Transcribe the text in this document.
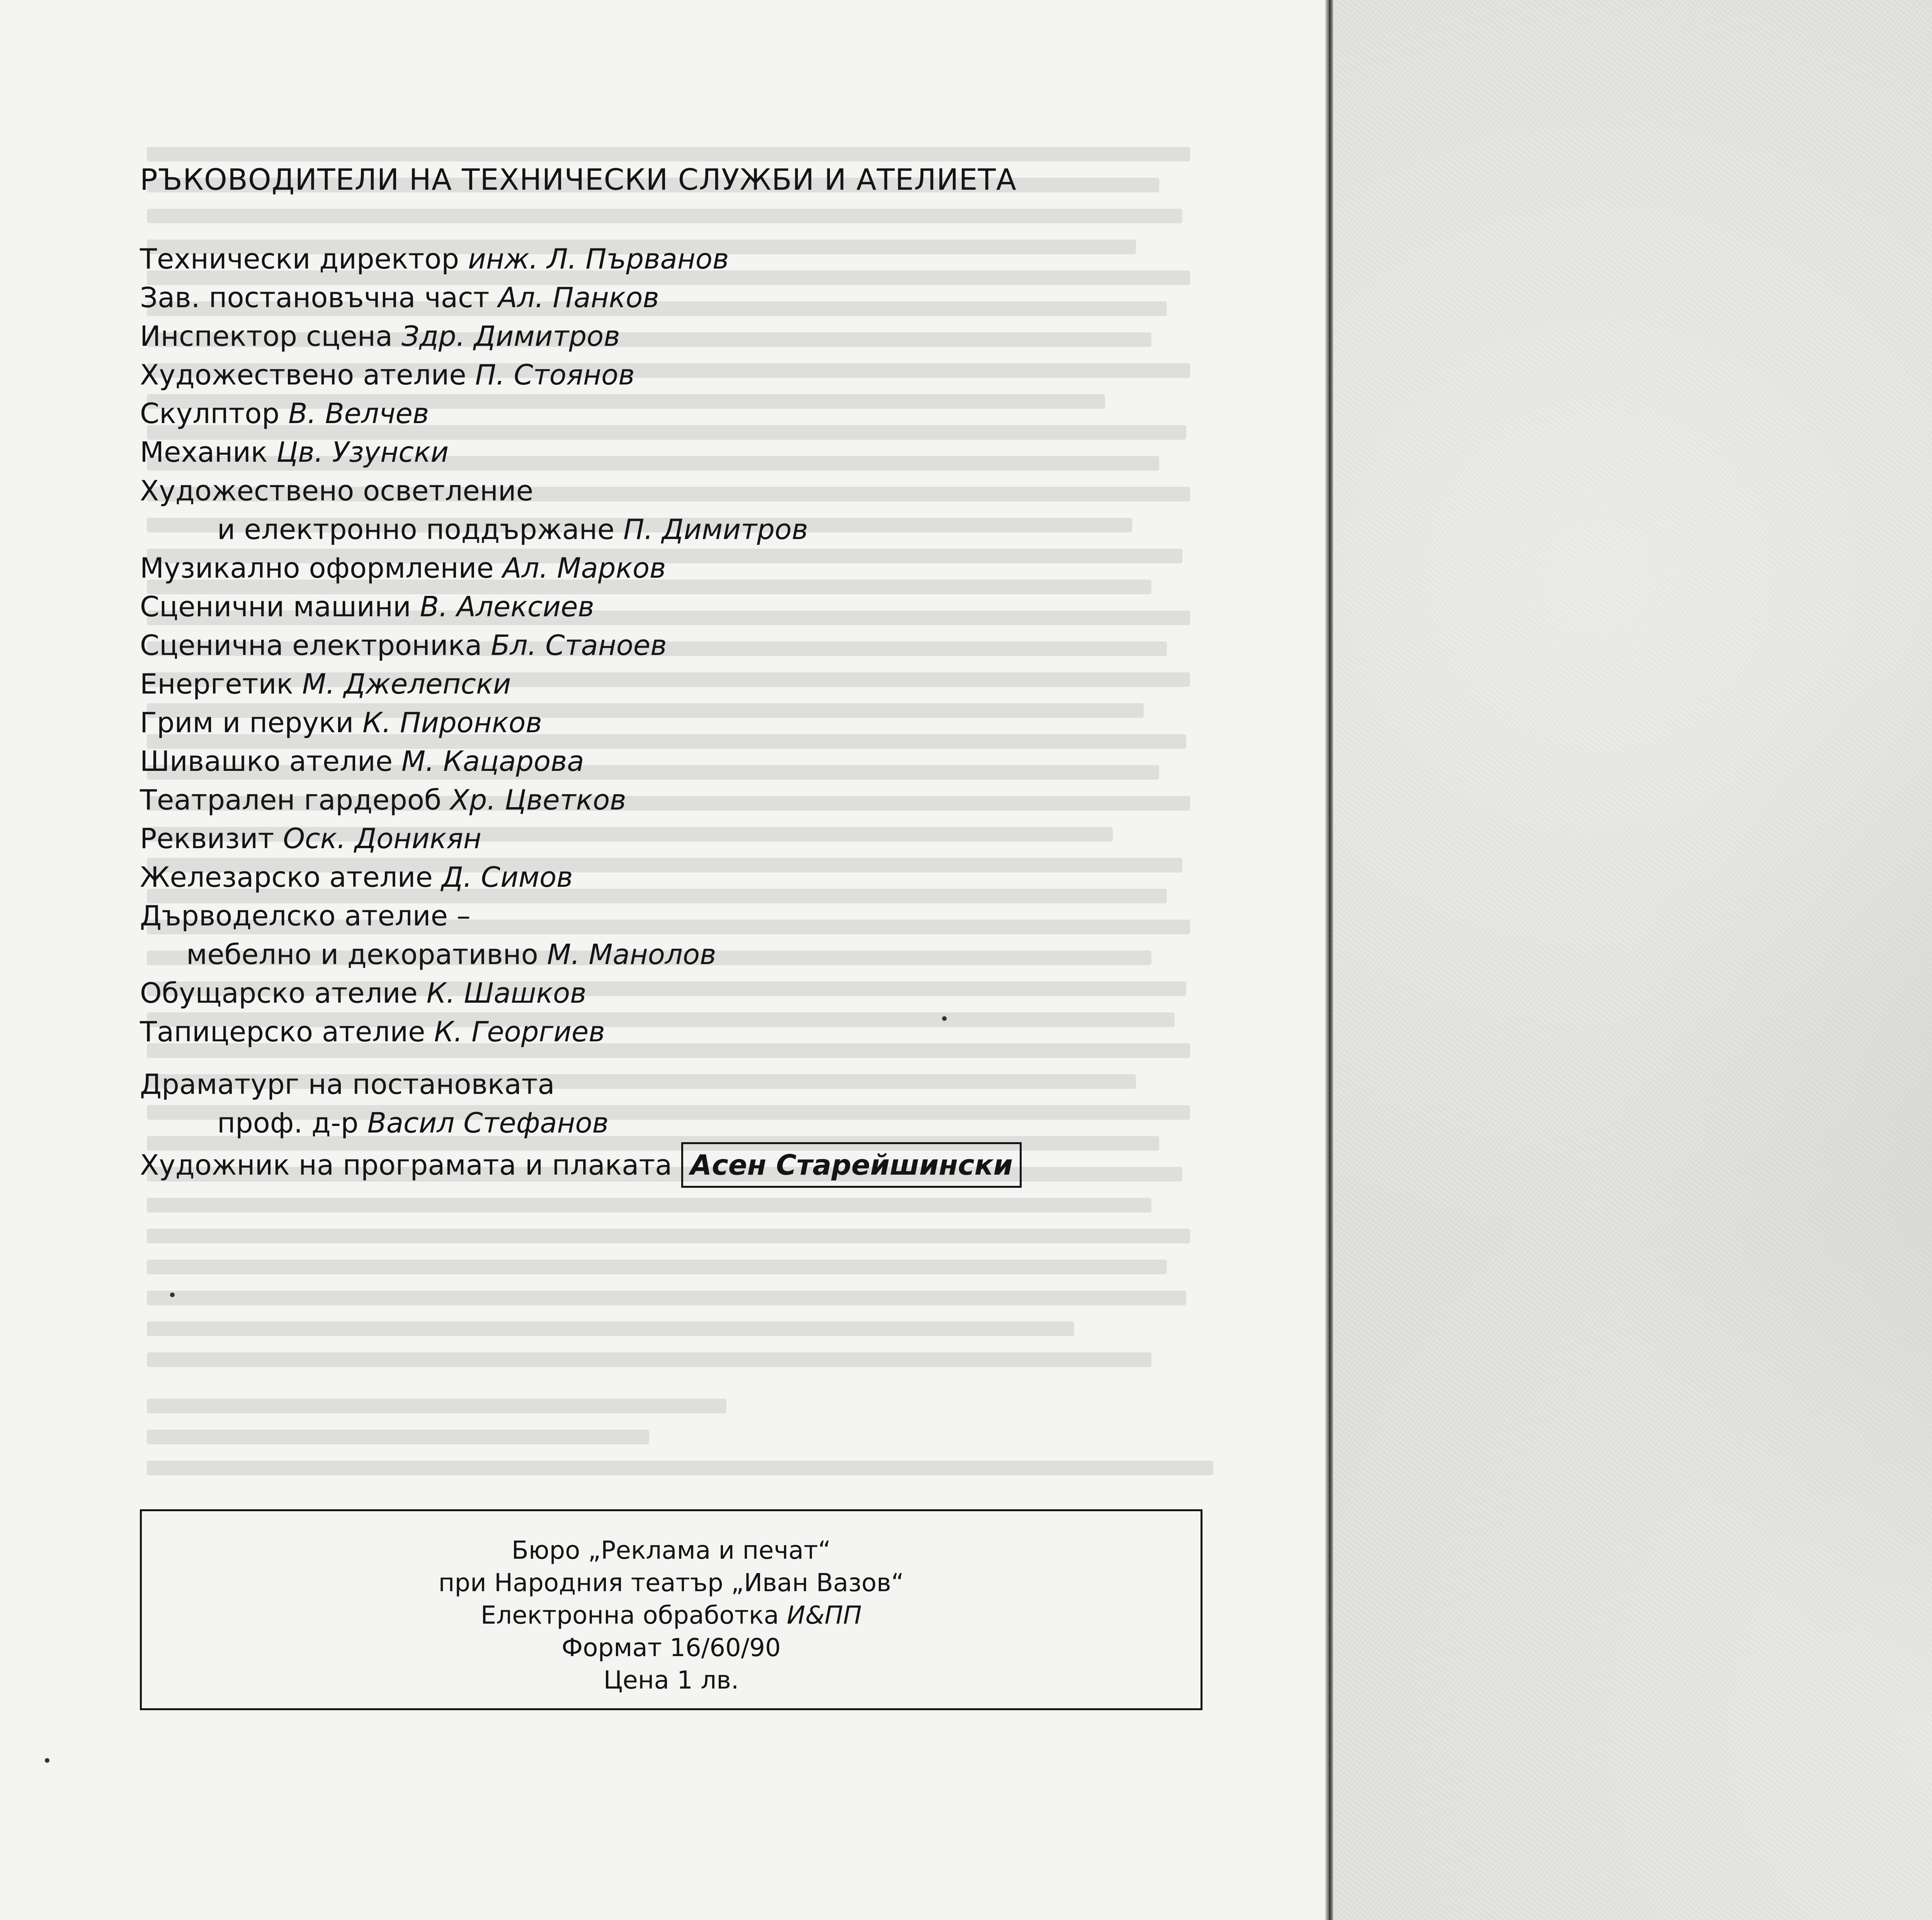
РЪКОВОДИТЕЛИ НА ТЕХНИЧЕСКИ СЛУЖБИ И АТЕЛИЕТА
Технически директор инж. Л. Първанов
Зав. постановъчна част Ал. Панков
Инспектор сцена Здр. Димитров
Художествено ателие П. Стоянов
Скулптор В. Велчев
Механик Цв. Узунски
Художествено осветление
и електронно поддържане П. Димитров
Музикално оформление Ал. Марков
Сценични машини В. Алексиев
Сценична електроника Бл. Станоев
Енергетик М. Джелепски
Грим и перуки К. Пиронков
Шивашко ателие М. Кацарова
Театрален гардероб Хр. Цветков
Реквизит Оск. Доникян
Железарско ателие Д. Симов
Дърводелско ателие –
мебелно и декоративно М. Манолов
Обущарско ателие К. Шашков
Тапицерско ателие К. Георгиев
Драматург на постановката
проф. д-р Васил Стефанов
Художник на програмата и плаката Асен Старейшински
Бюро „Реклама и печат“
при Народния театър „Иван Вазов“
Електронна обработка И&ПП
Формат 16/60/90
Цена 1 лв.
